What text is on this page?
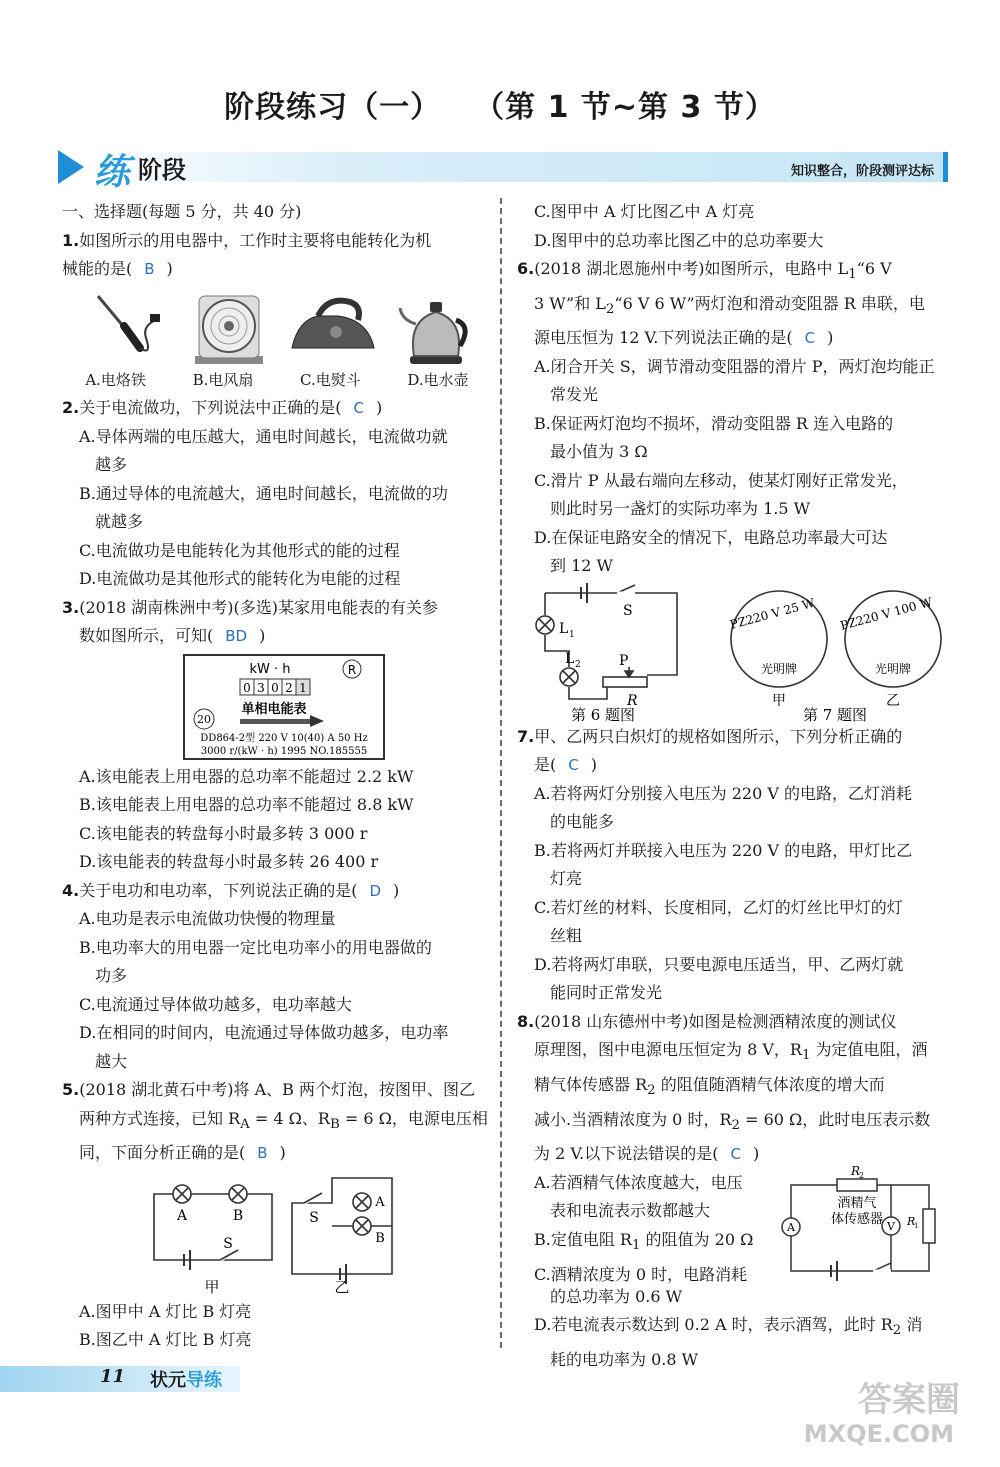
阶段练习（一） （第 1 节~第 3 节）
练 阶段	知识整合，阶段测评达标

一、选择题(每题 5 分，共 40 分)

1.如图所示的用电器中，工作时主要将电能转化为机

械能的是( B )

A.电烙铁	B.电风扇	C.电熨斗	D.电水壶

2.关于电流做功，下列说法中正确的是( C )

A.导体两端的电压越大，通电时间越长，电流做功就

越多

B.通过导体的电流越大，通电时间越长，电流做的功

就越多

C.电流做功是电能转化为其他形式的能的过程

D.电流做功是其他形式的能转化为电能的过程

3.(2018 湖南株洲中考)(多选)某家用电能表的有关参

数如图所示，可知( BD )

kW · h	R
0 3 0 2 1
单相电能表
20
DD864-2型 220 V 10(40) A 50 Hz
3000 r/(kW · h) 1995 NO.185555

A.该电能表上用电器的总功率不能超过 2.2 kW

B.该电能表上用电器的总功率不能超过 8.8 kW

C.该电能表的转盘每小时最多转 3 000 r

D.该电能表的转盘每小时最多转 26 400 r

4.关于电功和电功率，下列说法正确的是( D )

A.电功是表示电流做功快慢的物理量

B.电功率大的用电器一定比电功率小的用电器做的

功多

C.电流通过导体做功越多，电功率越大

D.在相同的时间内，电流通过导体做功越多，电功率

越大

5.(2018 湖北黄石中考)将 A、B 两个灯泡，按图甲、图乙

两种方式连接，已知 $R_A = 4$ Ω、$R_B = 6$ Ω，电源电压相

同，下面分析正确的是( B )

A	B
S
S
A
B
甲	乙

A.图甲中 A 灯比 B 灯亮

B.图乙中 A 灯比 B 灯亮

C.图甲中 A 灯比图乙中 A 灯亮

D.图甲中的总功率比图乙中的总功率要大

6.(2018 湖北恩施州中考)如图所示，电路中 $L_1“6$ V

3 W”和 $L_2“6$ V 6 W”两灯泡和滑动变阻器 R 串联，电

源电压恒为 12 V.下列说法正确的是( C )

A.闭合开关 S，调节滑动变阻器的滑片 P，两灯泡均能正

常发光

B.保证两灯泡均不损坏，滑动变阻器 R 连入电路的

最小值为 3 Ω

C.滑片 P 从最右端向左移动，使某灯刚好正常发光，

则此时另一盏灯的实际功率为 1.5 W

D.在保证电路安全的情况下，电路总功率最大可达

到 12 W

L 1
L 2
S
P
R
第 6 题图
PZ220 V 25 W
光明牌
甲
PZ220 V 100 W
光明牌
乙
第 7 题图

7.甲、乙两只白炽灯的规格如图所示，下列分析正确的

是( C )

A.若将两灯分别接入电压为 220 V 的电路，乙灯消耗

的电能多

B.若将两灯并联接入电压为 220 V 的电路，甲灯比乙

灯亮

C.若灯丝的材料、长度相同，乙灯的灯丝比甲灯的灯

丝粗

D.若将两灯串联，只要电源电压适当，甲、乙两灯就

能同时正常发光

8.(2018 山东德州中考)如图是检测酒精浓度的测试仪

原理图，图中电源电压恒定为 8 V，$R_1$ 为定值电阻，酒

精气体传感器 $R_2$ 的阻值随酒精气体浓度的增大而

减小.当酒精浓度为 0 时，$R_2 = 60$ Ω，此时电压表示数

为 2 V.以下说法错误的是( C )

A.若酒精气体浓度越大，电压

表和电流表示数都越大

B.定值电阻 $R_1$ 的阻值为 20 Ω

C.酒精浓度为 0 时，电路消耗

R
2
酒精气
体传感器
A	V R
1

的总功率为 0.6 W

D.若电流表示数达到 0.2 A 时，表示酒驾，此时 $R_2$ 消

耗的电功率为 0.8 W

11 状元导练	答案圈
MXQE.COM
